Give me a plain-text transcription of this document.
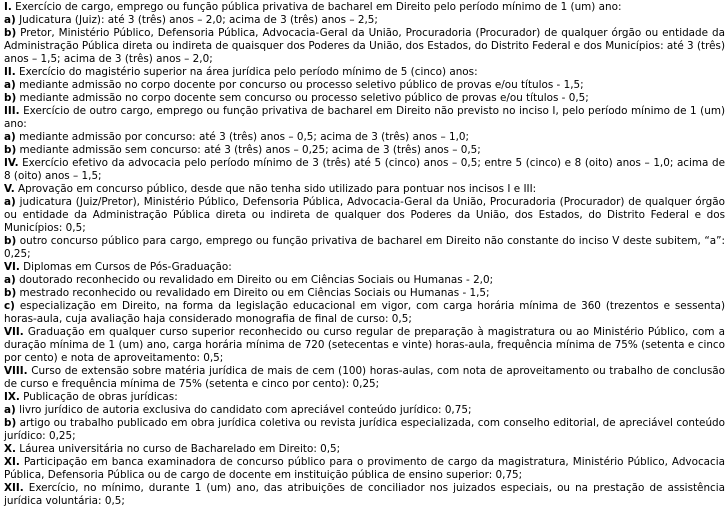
I. Exercício de cargo, emprego ou função pública privativa de bacharel em Direito pelo período mínimo de 1 (um) ano:

a) Judicatura (Juiz): até 3 (três) anos – 2,0; acima de 3 (três) anos – 2,5;

b) Pretor, Ministério Público, Defensoria Pública, Advocacia-Geral da União, Procuradoria (Procurador) de qualquer órgão ou entidade da Administração Pública direta ou indireta de quaisquer dos Poderes da União, dos Estados, do Distrito Federal e dos Municípios: até 3 (três) anos – 1,5; acima de 3 (três) anos – 2,0;

II. Exercício do magistério superior na área jurídica pelo período mínimo de 5 (cinco) anos:

a) mediante admissão no corpo docente por concurso ou processo seletivo público de provas e/ou títulos - 1,5;

b) mediante admissão no corpo docente sem concurso ou processo seletivo público de provas e/ou títulos - 0,5;

III. Exercício de outro cargo, emprego ou função privativa de bacharel em Direito não previsto no inciso I, pelo período mínimo de 1 (um) ano:

a) mediante admissão por concurso: até 3 (três) anos – 0,5; acima de 3 (três) anos – 1,0;

b) mediante admissão sem concurso: até 3 (três) anos – 0,25; acima de 3 (três) anos – 0,5;

IV. Exercício efetivo da advocacia pelo período mínimo de 3 (três) até 5 (cinco) anos – 0,5; entre 5 (cinco) e 8 (oito) anos – 1,0; acima de 8 (oito) anos – 1,5;

V. Aprovação em concurso público, desde que não tenha sido utilizado para pontuar nos incisos I e III:

a) judicatura (Juiz/Pretor), Ministério Público, Defensoria Pública, Advocacia-Geral da União, Procuradoria (Procurador) de qualquer órgão ou entidade da Administração Pública direta ou indireta de qualquer dos Poderes da União, dos Estados, do Distrito Federal e dos Municípios: 0,5;

b) outro concurso público para cargo, emprego ou função privativa de bacharel em Direito não constante do inciso V deste subitem, “a”: 0,25;

VI. Diplomas em Cursos de Pós-Graduação:

a) doutorado reconhecido ou revalidado em Direito ou em Ciências Sociais ou Humanas - 2,0;

b) mestrado reconhecido ou revalidado em Direito ou em Ciências Sociais ou Humanas - 1,5;

c) especialização em Direito, na forma da legislação educacional em vigor, com carga horária mínima de 360 (trezentos e sessenta) horas-aula, cuja avaliação haja considerado monografia de final de curso: 0,5;

VII. Graduação em qualquer curso superior reconhecido ou curso regular de preparação à magistratura ou ao Ministério Público, com a duração mínima de 1 (um) ano, carga horária mínima de 720 (setecentas e vinte) horas-aula, frequência mínima de 75% (setenta e cinco por cento) e nota de aproveitamento: 0,5;

VIII. Curso de extensão sobre matéria jurídica de mais de cem (100) horas-aulas, com nota de aproveitamento ou trabalho de conclusão de curso e frequência mínima de 75% (setenta e cinco por cento): 0,25;

IX. Publicação de obras jurídicas:

a) livro jurídico de autoria exclusiva do candidato com apreciável conteúdo jurídico: 0,75;

b) artigo ou trabalho publicado em obra jurídica coletiva ou revista jurídica especializada, com conselho editorial, de apreciável conteúdo jurídico: 0,25;

X. Láurea universitária no curso de Bacharelado em Direito: 0,5;

XI. Participação em banca examinadora de concurso público para o provimento de cargo da magistratura, Ministério Público, Advocacia Pública, Defensoria Pública ou de cargo de docente em instituição pública de ensino superior: 0,75;

XII. Exercício, no mínimo, durante 1 (um) ano, das atribuições de conciliador nos juizados especiais, ou na prestação de assistência jurídica voluntária: 0,5;
